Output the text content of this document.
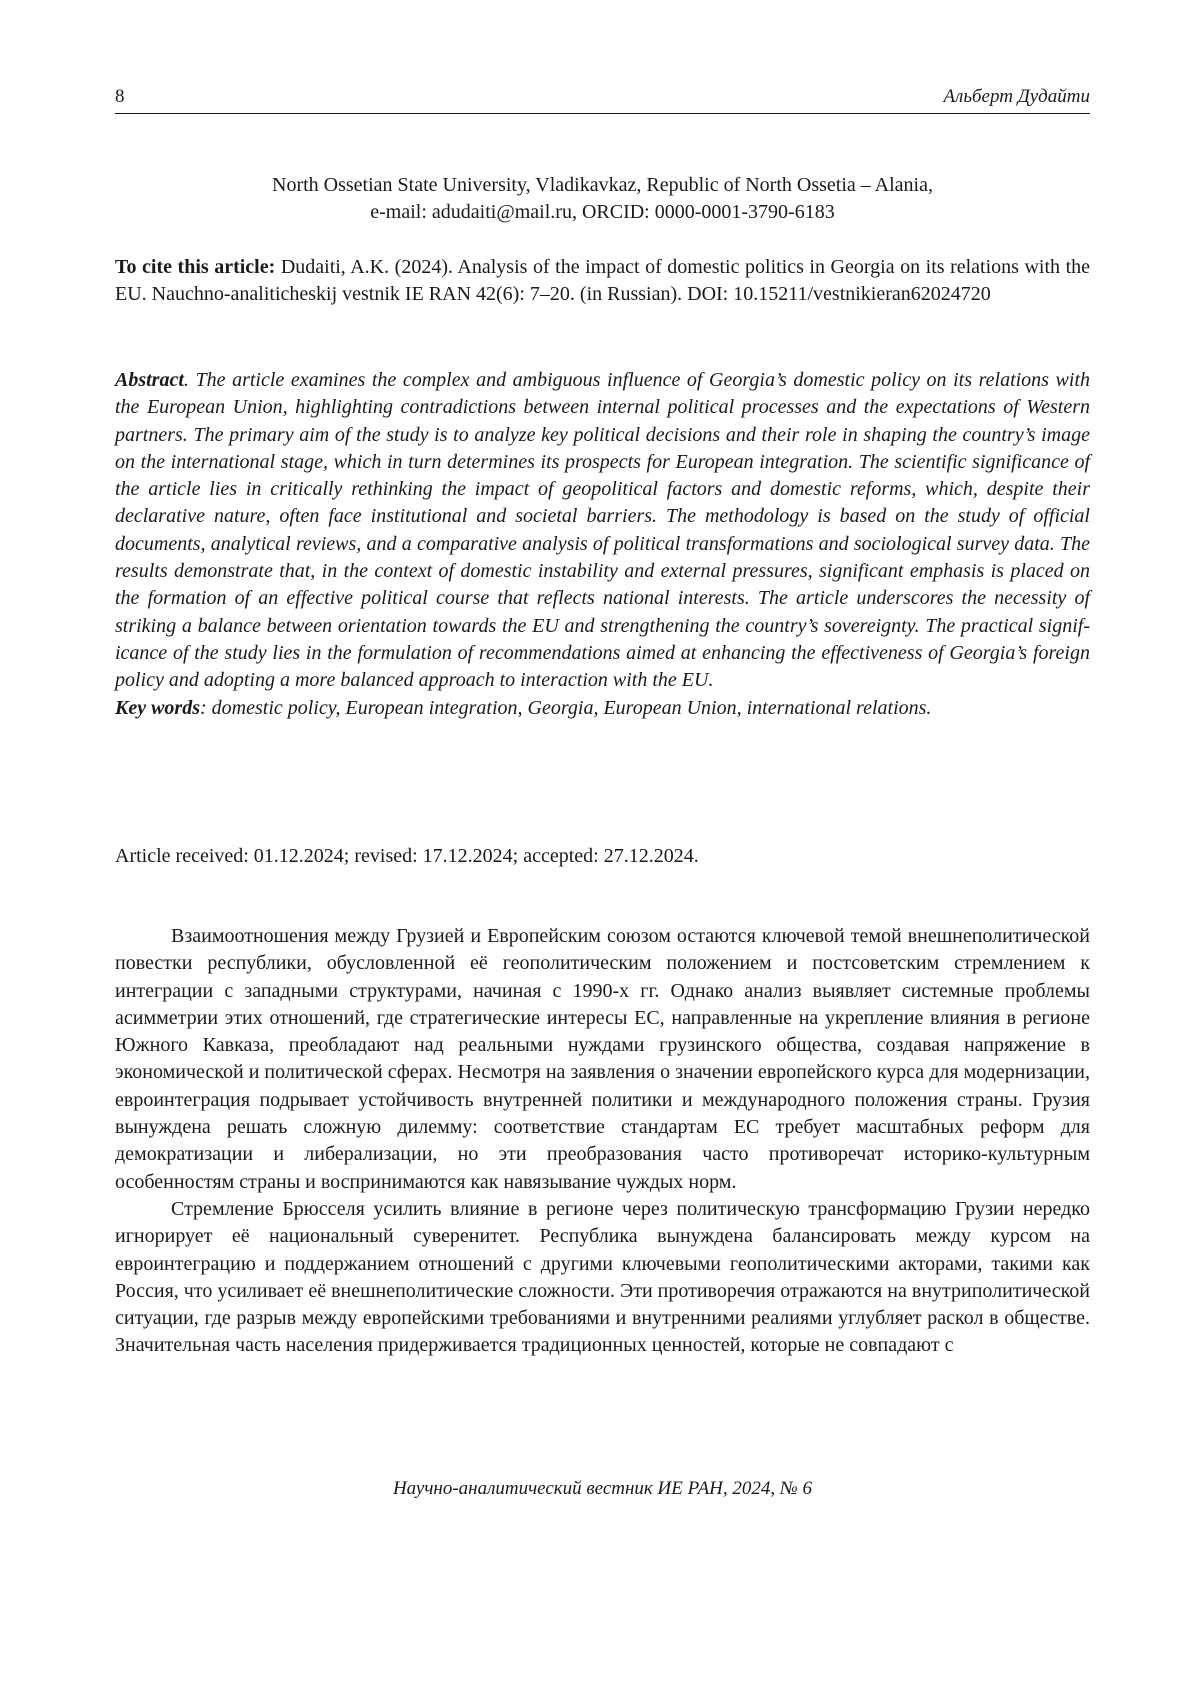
8	Альберт Дудайти
North Ossetian State University, Vladikavkaz, Republic of North Ossetia – Alania,
e-mail: adudaiti@mail.ru, ORCID: 0000-0001-3790-6183
To cite this article: Dudaiti, A.K. (2024). Analysis of the impact of domestic politics in Georgia on its relations with the EU. Nauchno-analiticheskij vestnik IE RAN 42(6): 7–20. (in Russian). DOI: 10.15211/vestnikieran62024720
Abstract. The article examines the complex and ambiguous influence of Georgia’s domestic policy on its relations with the European Union, highlighting contradictions between internal political processes and the expectations of Western partners. The primary aim of the study is to analyze key political decisions and their role in shaping the country’s image on the international stage, which in turn determines its prospects for European integration. The scientific significance of the article lies in critically rethinking the impact of geopolitical factors and domestic reforms, which, despite their declarative nature, often face institutional and societal barriers. The methodology is based on the study of official documents, analytical reviews, and a comparative analysis of political transformations and sociological survey data. The results demonstrate that, in the context of domestic instability and external pressures, significant emphasis is placed on the formation of an effective political course that reflects national interests. The article underscores the necessity of striking a balance between orientation towards the EU and strengthening the country’s sovereignty. The practical significance of the study lies in the formulation of recommendations aimed at enhancing the effectiveness of Georgia’s foreign policy and adopting a more balanced approach to interaction with the EU.
Key words: domestic policy, European integration, Georgia, European Union, international relations.
Article received: 01.12.2024; revised: 17.12.2024; accepted: 27.12.2024.

Взаимоотношения между Грузией и Европейским союзом остаются ключевой темой внешнеполитической повестки республики, обусловленной её геополитическим положением и постсоветским стремлением к интеграции с западными структурами, начиная с 1990-х гг. Однако анализ выявляет системные проблемы асимметрии этих отношений, где стратегические интересы ЕС, направленные на укрепление влияния в регионе Южного Кавказа, преобладают над реальными нуждами грузинского общества, создавая напряжение в экономической и политической сферах. Несмотря на заявления о значении европейского курса для модернизации, евроинтеграция подрывает устойчивость внутренней политики и международного положения страны. Грузия вынуждена решать сложную дилемму: соответствие стандартам ЕС требует масштабных реформ для демократизации и либерализации, но эти преобразования часто противоречат историко-культурным особенностям страны и воспринимаются как навязывание чуждых норм.

Стремление Брюсселя усилить влияние в регионе через политическую трансформацию Грузии нередко игнорирует её национальный суверенитет. Республика вынуждена балансировать между курсом на евроинтеграцию и поддержанием отношений с другими ключевыми геополитическими акторами, такими как Россия, что усиливает её внешнеполитические сложности. Эти противоречия отражаются на внутриполитической ситуации, где разрыв между европейскими требованиями и внутренними реалиями углубляет раскол в обществе. Значительная часть населения придерживается традиционных ценностей, которые не совпадают с

Научно-аналитический вестник ИЕ РАН, 2024, № 6
